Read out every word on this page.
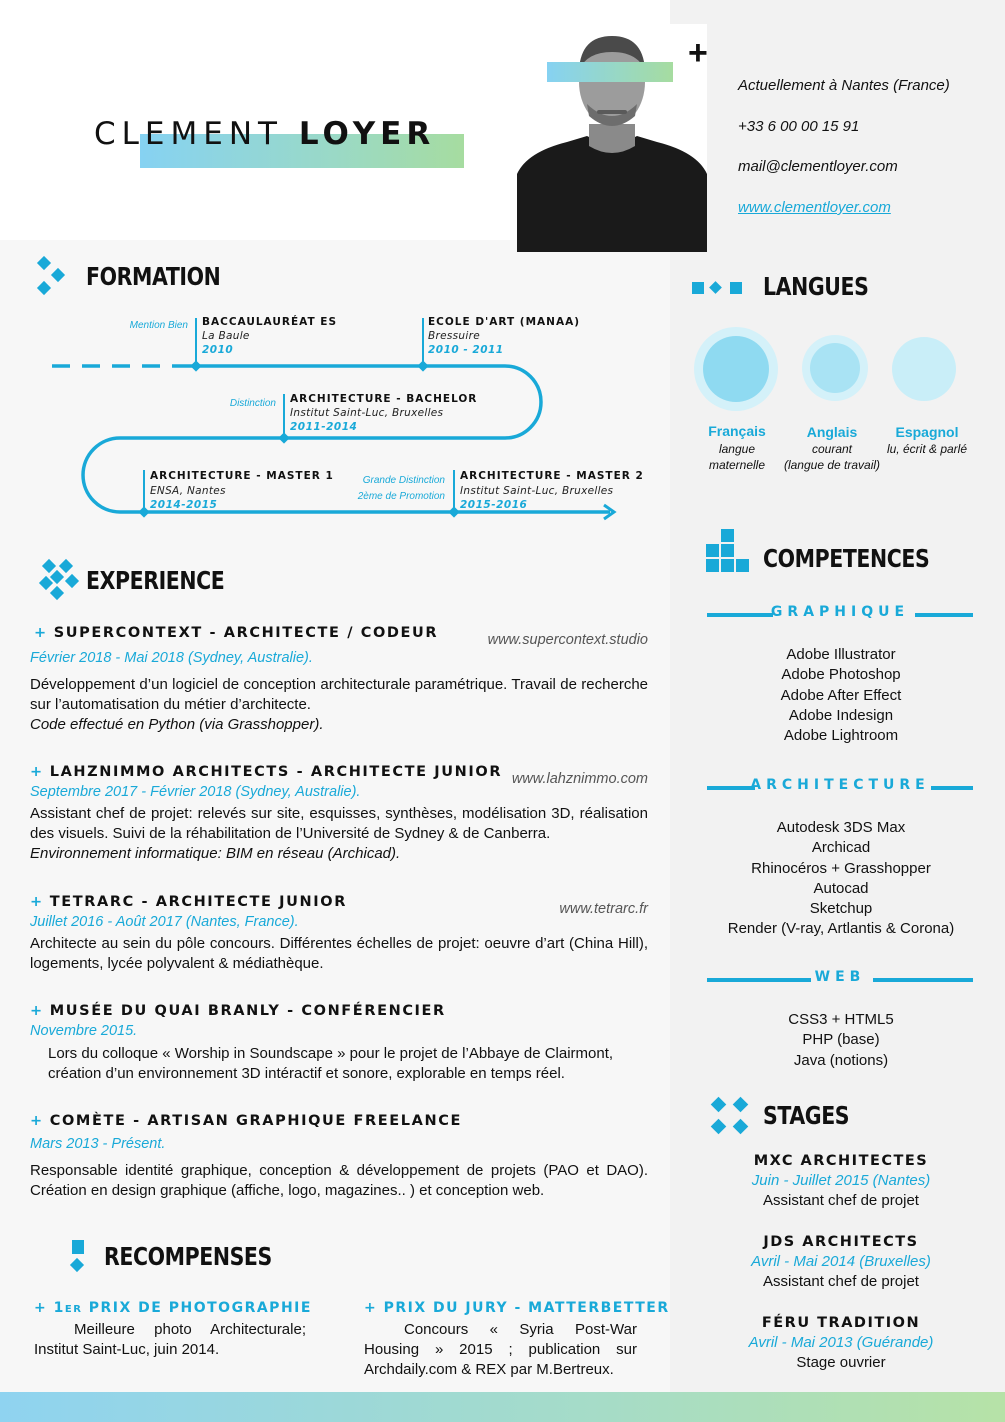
CLEMENT LOYER
+
Actuellement à Nantes (France)
+33 6 00 00 15 91
mail@clementloyer.com
www.clementloyer.com
FORMATION
Mention Bien BACCAULAURÉAT ES
La Baule
2010
ECOLE D'ART (MANAA)
Bressuire
2010 - 2011
Distinction ARCHITECTURE - BACHELOR
Institut Saint-Luc, Bruxelles
2011-2014
ARCHITECTURE - MASTER 1
ENSA, Nantes
2014-2015
Grande Distinction
2ème de Promotion
ARCHITECTURE - MASTER 2
Institut Saint-Luc, Bruxelles
2015-2016
EXPERIENCE
+ SUPERCONTEXT - ARCHITECTE / CODEUR	www.supercontext.studio
Février 2018 - Mai 2018 (Sydney, Australie).
Développement d’un logiciel de conception architecturale paramétrique. Travail de recherche sur l’automatisation du métier d’architecte.
Code effectué en Python (via Grasshopper).
+ LAHZNIMMO ARCHITECTS - ARCHITECTE JUNIOR www.lahznimmo.com
Septembre 2017 - Février 2018 (Sydney, Australie).
Assistant chef de projet: relevés sur site, esquisses, synthèses, modélisation 3D, réalisation des visuels. Suivi de la réhabilitation de l’Université de Sydney & de Canberra.
Environnement informatique: BIM en réseau (Archicad).
+ TETRARC - ARCHITECTE JUNIOR	www.tetrarc.fr
Juillet 2016 - Août 2017 (Nantes, France).
Architecte au sein du pôle concours. Différentes échelles de projet: oeuvre d’art (China Hill), logements, lycée polyvalent & médiathèque.
+ MUSÉE DU QUAI BRANLY - CONFÉRENCIER
Novembre 2015.
Lors du colloque « Worship in Soundscape » pour le projet de l’Abbaye de Clairmont, création d’un environnement 3D intéractif et sonore, explorable en temps réel.
+ COMÈTE - ARTISAN GRAPHIQUE FREELANCE
Mars 2013 - Présent.
Responsable identité graphique, conception & développement de projets (PAO et DAO). Création en design graphique (affiche, logo, magazines.. ) et conception web.
RECOMPENSES
+ 1ER PRIX DE PHOTOGRAPHIE
Meilleure photo Architecturale; Institut Saint-Luc, juin 2014.
+ PRIX DU JURY - MATTERBETTER
Concours « Syria Post-War Housing » 2015 ; publication sur Archdaily.com & REX par M.Bertreux.
LANGUES
Français
langue
maternelle
Anglais
courant
(langue de travail)
Espagnol
lu, écrit & parlé
COMPETENCES
GRAPHIQUE
Adobe Illustrator
Adobe Photoshop
Adobe After Effect
Adobe Indesign
Adobe Lightroom
ARCHITECTURE
Autodesk 3DS Max
Archicad
Rhinocéros + Grasshopper
Autocad
Sketchup
Render (V-ray, Artlantis & Corona)
WEB
CSS3 + HTML5
PHP (base)
Java (notions)
STAGES
MXC ARCHITECTES
Juin - Juillet 2015 (Nantes)
Assistant chef de projet
JDS ARCHITECTS
Avril - Mai 2014 (Bruxelles)
Assistant chef de projet
FÉRU TRADITION
Avril - Mai 2013 (Guérande)
Stage ouvrier
